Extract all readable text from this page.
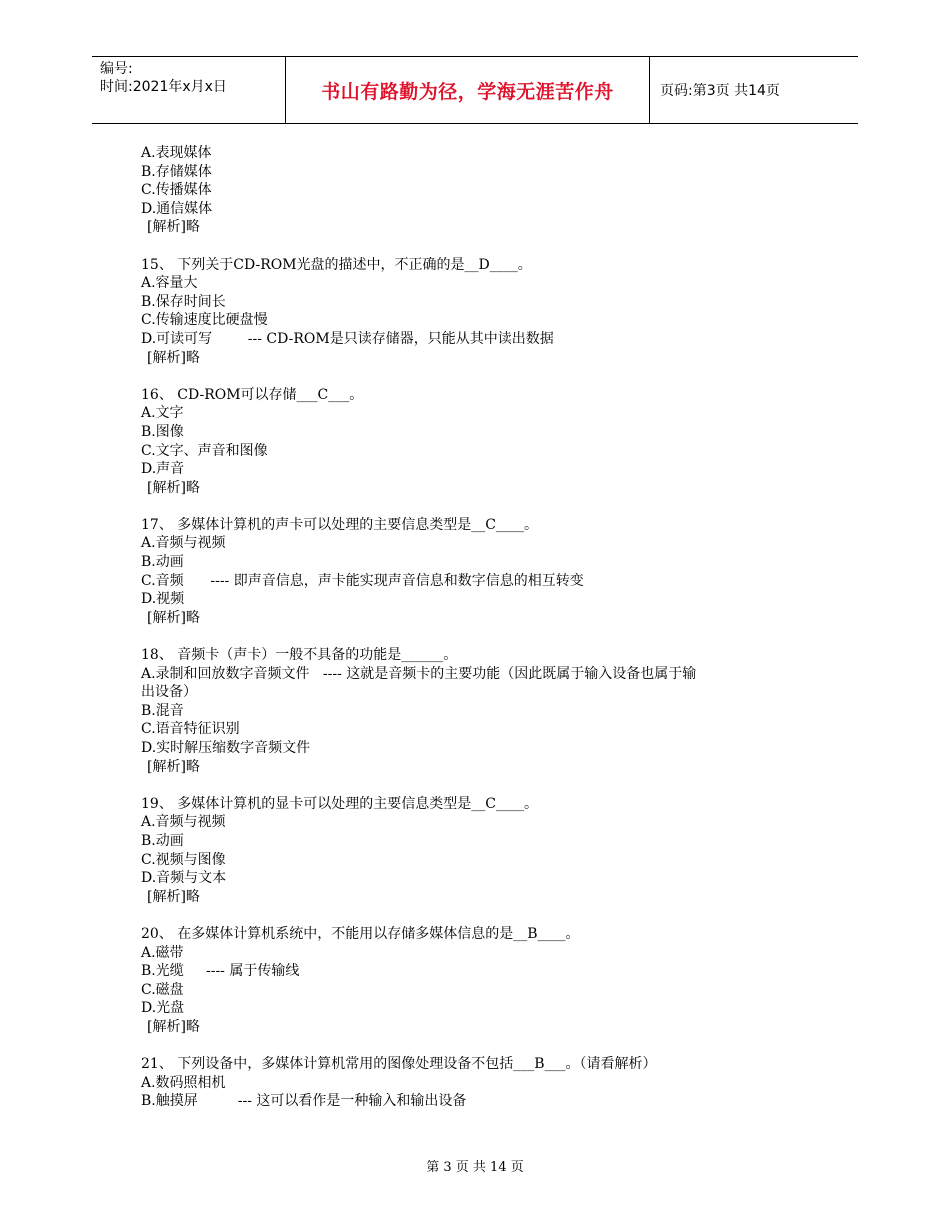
编号:
时间:2021年x月x日	书山有路勤为径，学海无涯苦作舟	页码:第3页 共14页
A.表现媒体
B.存储媒体
C.传播媒体
D.通信媒体
[解析]略
15、 下列关于CD-ROM光盘的描述中，不正确的是__D____。
A.容量大
B.保存时间长
C.传输速度比硬盘慢
D.可读可写        --- CD-ROM是只读存储器，只能从其中读出数据
[解析]略
16、 CD-ROM可以存储___C___。
A.文字
B.图像
C.文字、声音和图像
D.声音
[解析]略
17、 多媒体计算机的声卡可以处理的主要信息类型是__C____。
A.音频与视频
B.动画
C.音频      ---- 即声音信息，声卡能实现声音信息和数字信息的相互转变
D.视频
[解析]略
18、 音频卡（声卡）一般不具备的功能是______。
A.录制和回放数字音频文件   ---- 这就是音频卡的主要功能（因此既属于输入设备也属于输
出设备）
B.混音
C.语音特征识别
D.实时解压缩数字音频文件
[解析]略
19、 多媒体计算机的显卡可以处理的主要信息类型是__C____。
A.音频与视频
B.动画
C.视频与图像
D.音频与文本
[解析]略
20、 在多媒体计算机系统中，不能用以存储多媒体信息的是__B____。
A.磁带
B.光缆     ---- 属于传输线
C.磁盘
D.光盘
[解析]略
21、 下列设备中，多媒体计算机常用的图像处理设备不包括___B___。（请看解析）
A.数码照相机
B.触摸屏         --- 这可以看作是一种输入和输出设备
第 3 页 共 14 页
